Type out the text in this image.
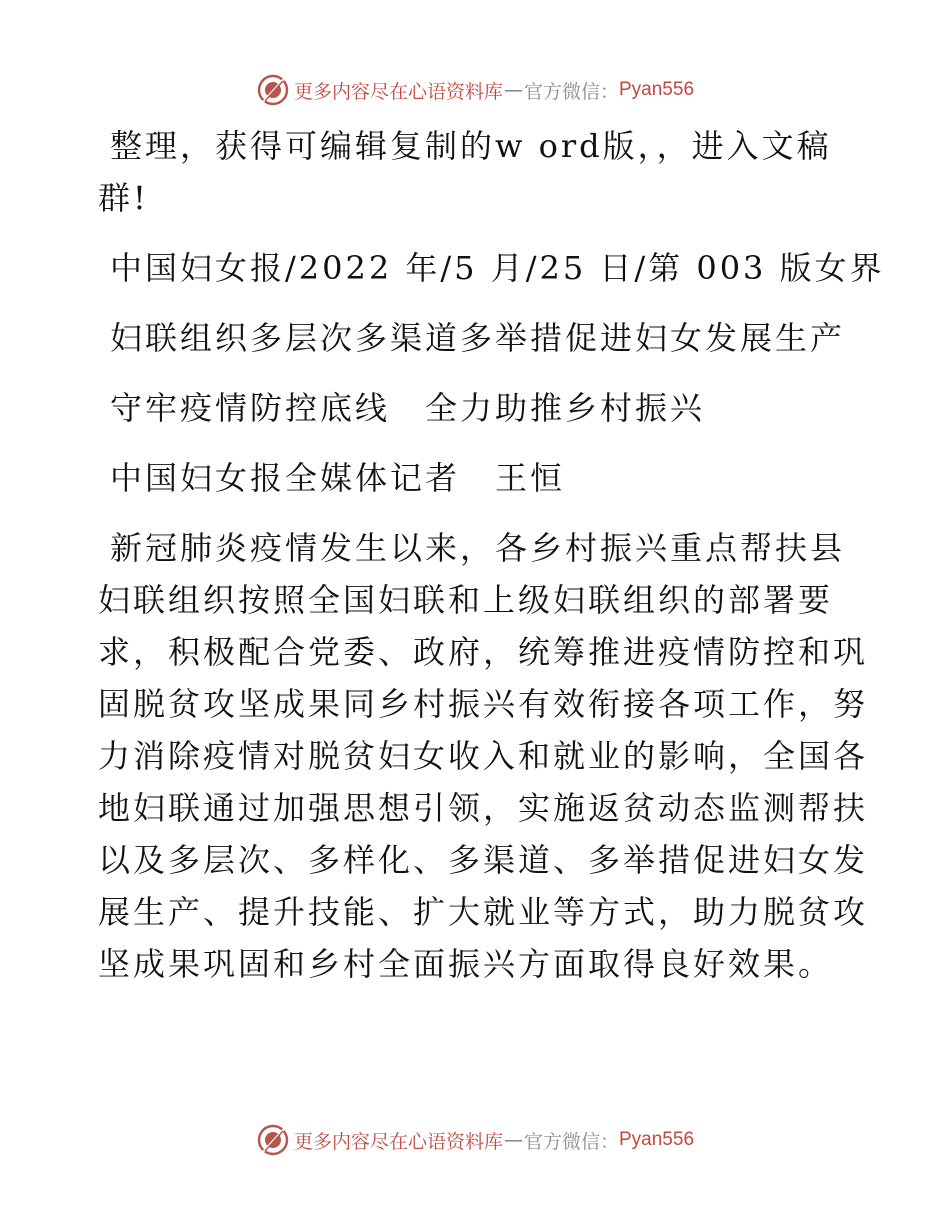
更多内容尽在心语资料库 — 官方微信： Pyan556
整理，获得可编辑复制的w ord版，，进入文稿
群!
中国妇女报/2022 年/5 月/25 日/第 003 版女界
妇联组织多层次多渠道多举措促进妇女发展生产
守牢疫情防控底线　全力助推乡村振兴
中国妇女报全媒体记者　王恒
新冠肺炎疫情发生以来，各乡村振兴重点帮扶县
妇联组织按照全国妇联和上级妇联组织的部署要
求，积极配合党委、政府，统筹推进疫情防控和巩
固脱贫攻坚成果同乡村振兴有效衔接各项工作，努
力消除疫情对脱贫妇女收入和就业的影响，全国各
地妇联通过加强思想引领，实施返贫动态监测帮扶
以及多层次、多样化、多渠道、多举措促进妇女发
展生产、提升技能、扩大就业等方式，助力脱贫攻
坚成果巩固和乡村全面振兴方面取得良好效果。
更多内容尽在心语资料库 — 官方微信： Pyan556
